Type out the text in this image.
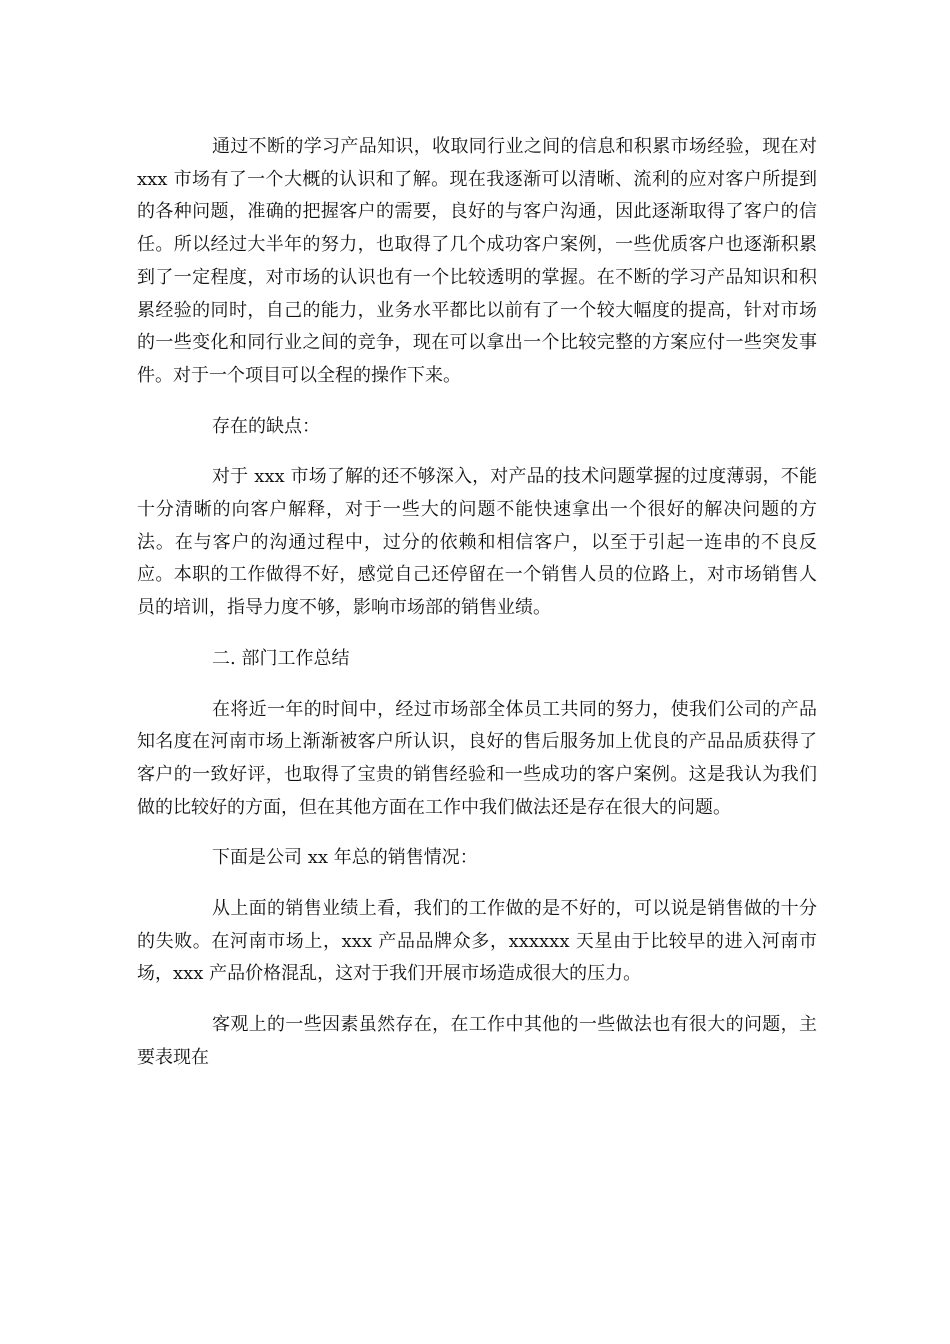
通过不断的学习产品知识，收取同行业之间的信息和积累市场经验，现在对 xxx 市场有了一个大概的认识和了解。现在我逐渐可以清晰、流利的应对客户所提到的各种问题，准确的把握客户的需要，良好的与客户沟通，因此逐渐取得了客户的信任。所以经过大半年的努力，也取得了几个成功客户案例，一些优质客户也逐渐积累到了一定程度，对市场的认识也有一个比较透明的掌握。在不断的学习产品知识和积累经验的同时，自己的能力，业务水平都比以前有了一个较大幅度的提高，针对市场的一些变化和同行业之间的竞争，现在可以拿出一个比较完整的方案应付一些突发事件。对于一个项目可以全程的操作下来。

存在的缺点：

对于 xxx 市场了解的还不够深入，对产品的技术问题掌握的过度薄弱，不能十分清晰的向客户解释，对于一些大的问题不能快速拿出一个很好的解决问题的方法。在与客户的沟通过程中，过分的依赖和相信客户，以至于引起一连串的不良反应。本职的工作做得不好，感觉自己还停留在一个销售人员的位路上，对市场销售人员的培训，指导力度不够，影响市场部的销售业绩。

二. 部门工作总结

在将近一年的时间中，经过市场部全体员工共同的努力，使我们公司的产品知名度在河南市场上渐渐被客户所认识，良好的售后服务加上优良的产品品质获得了客户的一致好评，也取得了宝贵的销售经验和一些成功的客户案例。这是我认为我们做的比较好的方面，但在其他方面在工作中我们做法还是存在很大的问题。

下面是公司 xx 年总的销售情况：

从上面的销售业绩上看，我们的工作做的是不好的，可以说是销售做的十分的失败。在河南市场上，xxx 产品品牌众多，xxxxxx 天星由于比较早的进入河南市场，xxx 产品价格混乱，这对于我们开展市场造成很大的压力。

客观上的一些因素虽然存在，在工作中其他的一些做法也有很大的问题，主要表现在
